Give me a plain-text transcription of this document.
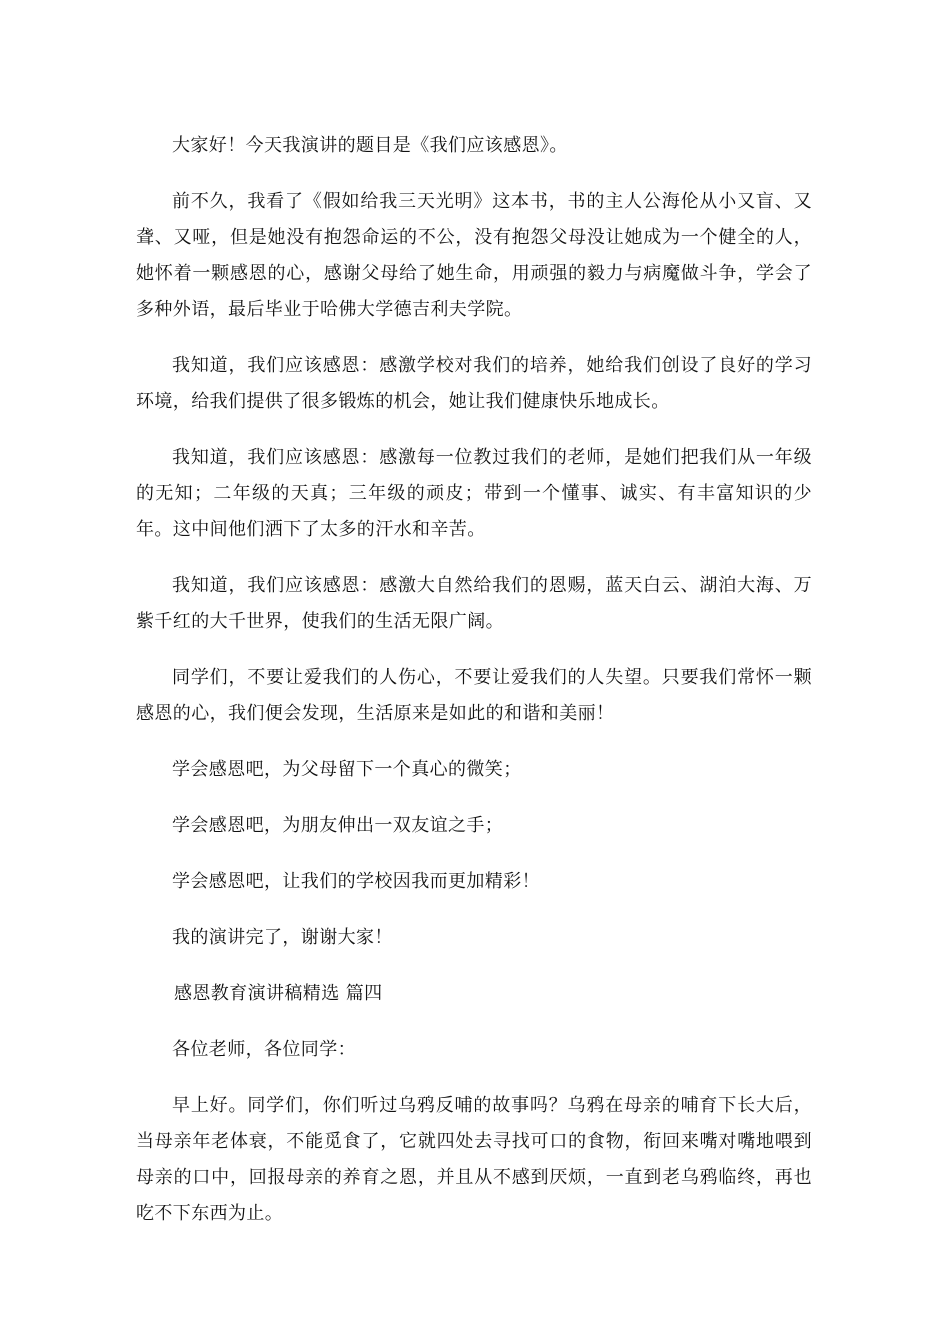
大家好！今天我演讲的题目是《我们应该感恩》。

前不久，我看了《假如给我三天光明》这本书，书的主人公海伦从小又盲、又聋、又哑，但是她没有抱怨命运的不公，没有抱怨父母没让她成为一个健全的人，她怀着一颗感恩的心，感谢父母给了她生命，用顽强的毅力与病魔做斗争，学会了多种外语，最后毕业于哈佛大学德吉利夫学院。

我知道，我们应该感恩：感激学校对我们的培养，她给我们创设了良好的学习环境，给我们提供了很多锻炼的机会，她让我们健康快乐地成长。

我知道，我们应该感恩：感激每一位教过我们的老师，是她们把我们从一年级的无知；二年级的天真；三年级的顽皮；带到一个懂事、诚实、有丰富知识的少年。这中间他们洒下了太多的汗水和辛苦。

我知道，我们应该感恩：感激大自然给我们的恩赐，蓝天白云、湖泊大海、万紫千红的大千世界，使我们的生活无限广阔。

同学们，不要让爱我们的人伤心，不要让爱我们的人失望。只要我们常怀一颗感恩的心，我们便会发现，生活原来是如此的和谐和美丽！

学会感恩吧，为父母留下一个真心的微笑；

学会感恩吧，为朋友伸出一双友谊之手；

学会感恩吧，让我们的学校因我而更加精彩！

我的演讲完了，谢谢大家！

感恩教育演讲稿精选 篇四

各位老师，各位同学：

早上好。同学们，你们听过乌鸦反哺的故事吗？乌鸦在母亲的哺育下长大后，当母亲年老体衰，不能觅食了，它就四处去寻找可口的食物，衔回来嘴对嘴地喂到母亲的口中，回报母亲的养育之恩，并且从不感到厌烦，一直到老乌鸦临终，再也吃不下东西为止。
